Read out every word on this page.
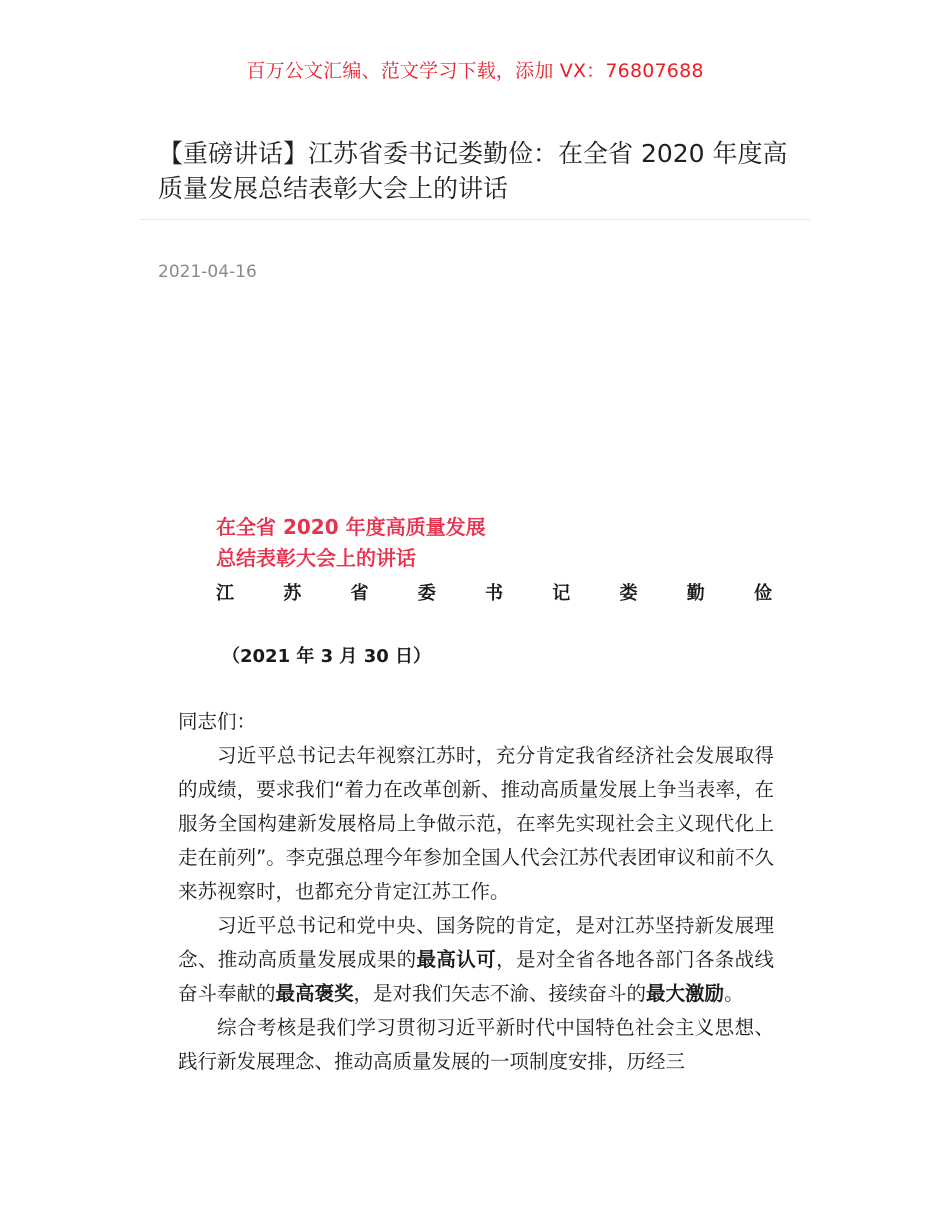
百万公文汇编、范文学习下载，添加 VX：76807688
【重磅讲话】江苏省委书记娄勤俭：在全省 2020 年度高质量发展总结表彰大会上的讲话
2021-04-16
在全省 2020 年度高质量发展
总结表彰大会上的讲话
江	苏	省	委	书	记	娄	勤	俭
（2021 年 3 月 30 日）

同志们：

习近平总书记去年视察江苏时，充分肯定我省经济社会发展取得的成绩，要求我们“着力在改革创新、推动高质量发展上争当表率，在服务全国构建新发展格局上争做示范，在率先实现社会主义现代化上走在前列”。李克强总理今年参加全国人代会江苏代表团审议和前不久来苏视察时，也都充分肯定江苏工作。

习近平总书记和党中央、国务院的肯定，是对江苏坚持新发展理念、推动高质量发展成果的最高认可，是对全省各地各部门各条战线奋斗奉献的最高褒奖，是对我们矢志不渝、接续奋斗的最大激励。

综合考核是我们学习贯彻习近平新时代中国特色社会主义思想、践行新发展理念、推动高质量发展的一项制度安排，历经三
